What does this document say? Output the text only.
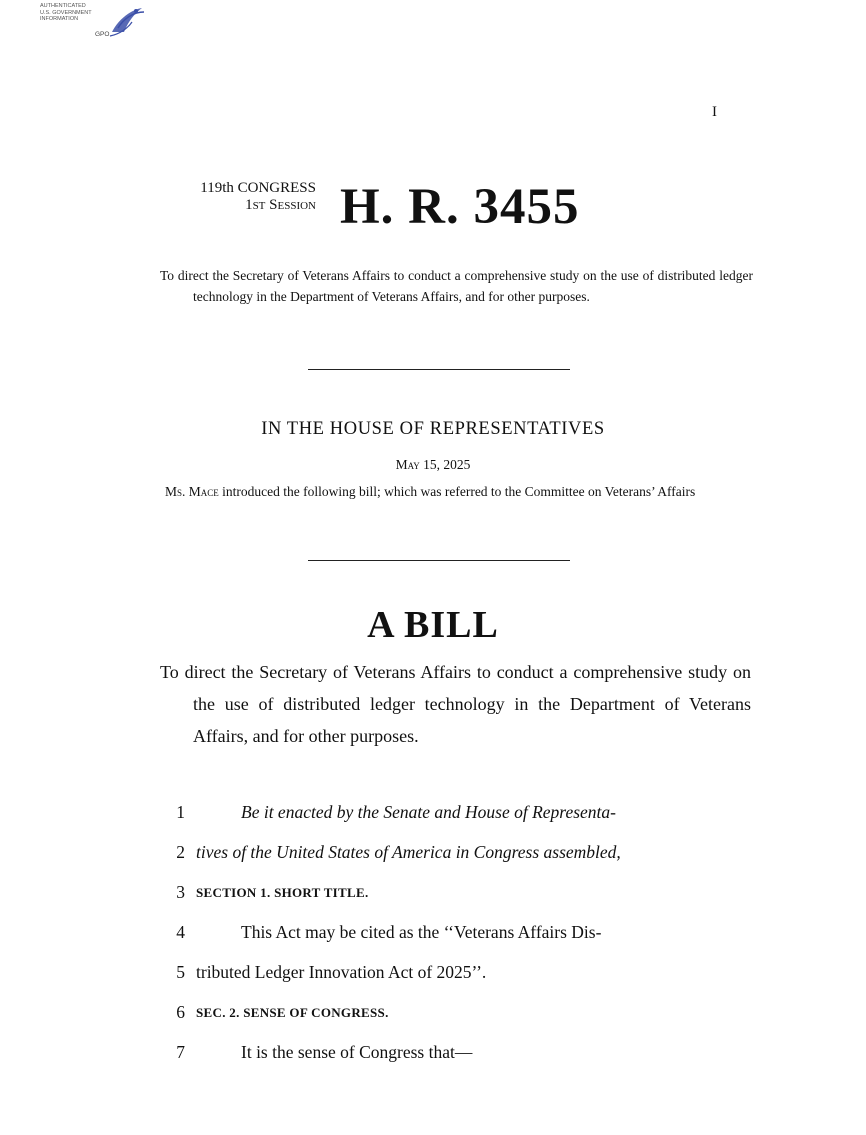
AUTHENTICATED
U.S. GOVERNMENT
INFORMATION
GPO
I
119th CONGRESS
1st Session H. R. 3455
To direct the Secretary of Veterans Affairs to conduct a comprehensive study on the use of distributed ledger technology in the Department of Veterans Affairs, and for other purposes.
IN THE HOUSE OF REPRESENTATIVES
May 15, 2025
Ms. Mace introduced the following bill; which was referred to the Committee on Veterans’ Affairs
A BILL
To direct the Secretary of Veterans Affairs to conduct a comprehensive study on the use of distributed ledger technology in the Department of Veterans Affairs, and for other purposes.
1	Be it enacted by the Senate and House of Representa-
2 tives of the United States of America in Congress assembled,
3 SECTION 1. SHORT TITLE.
4	This Act may be cited as the ‘‘Veterans Affairs Dis-
5 tributed Ledger Innovation Act of 2025’’.
6 SEC. 2. SENSE OF CONGRESS.
7	It is the sense of Congress that—
